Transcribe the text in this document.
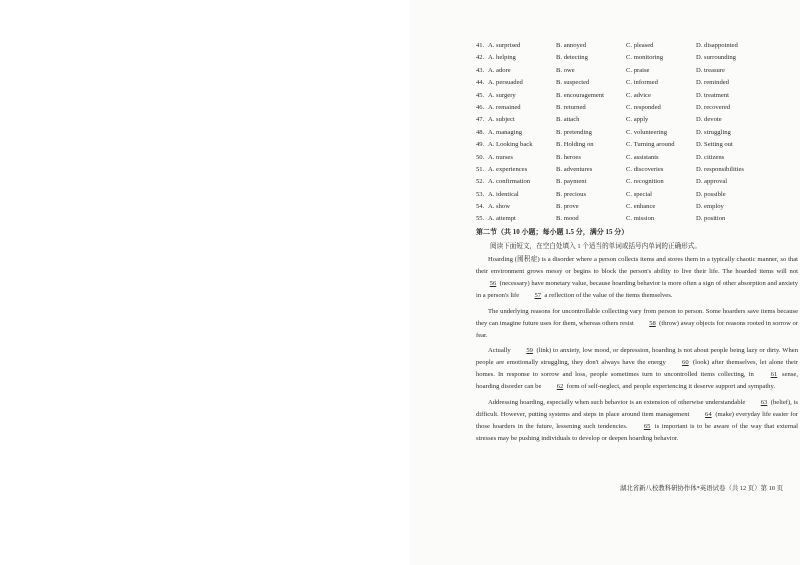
41. A. surprised	B. annoyed	C. pleased	D. disappointed
42. A. helping	B. detecting	C. monitoring	D. surrounding
43. A. adore	B. owe	C. praise	D. treasure
44. A. persuaded	B. suspected	C. informed	D. reminded
45. A. surgery	B. encouragement	C. advice	D. treatment
46. A. remained	B. returned	C. responded	D. recovered
47. A. subject	B. attach	C. apply	D. devote
48. A. managing	B. pretending	C. volunteering	D. struggling
49. A. Looking back	B. Holding on	C. Turning around	D. Setting out
50. A. nurses	B. heroes	C. assistants	D. citizens
51. A. experiences	B. adventures	C. discoveries	D. responsibilities
52. A. confirmation	B. payment	C. recognition	D. approval
53. A. identical	B. precious	C. special	D. possible
54. A. show	B. prove	C. enhance	D. employ
55. A. attempt	B. mood	C. mission	D. position
第二节（共 10 小题；每小题 1.5 分，满分 15 分）
阅读下面短文，在空白处填入 1 个适当的单词或括号内单词的正确形式。

Hoarding (囤积症) is a disorder where a person collects items and stores them in a typically chaotic manner, so that their environment grows messy or begins to block the person's ability to live their life. The hoarded items will not 56 (necessary) have monetary value, because hoarding behavior is more often a sign of other absorption and anxiety in a person's life 57 a reflection of the value of the items themselves.

The underlying reasons for uncontrollable collecting vary from person to person. Some hoarders save items because they can imagine future uses for them, whereas others resist 58 (throw) away objects for reasons rooted in sorrow or fear.

Actually 59 (link) to anxiety, low mood, or depression, hoarding is not about people being lazy or dirty. When people are emotionally struggling, they don't always have the energy 60 (look) after themselves, let alone their homes. In response to sorrow and loss, people sometimes turn to uncontrolled items collecting, in 61 sense, hoarding disorder can be 62 form of self-neglect, and people experiencing it deserve support and sympathy.

Addressing hoarding, especially when such behavior is an extension of otherwise understandable 63 (belief), is difficult. However, putting systems and steps in place around item management 64 (make) everyday life easier for those hoarders in the future, lessening such tendencies. 65 is important is to be aware of the way that external stresses may be pushing individuals to develop or deepen hoarding behavior.

湖北省新八校教科研协作体*英语试卷（共 12 页）第 10 页
